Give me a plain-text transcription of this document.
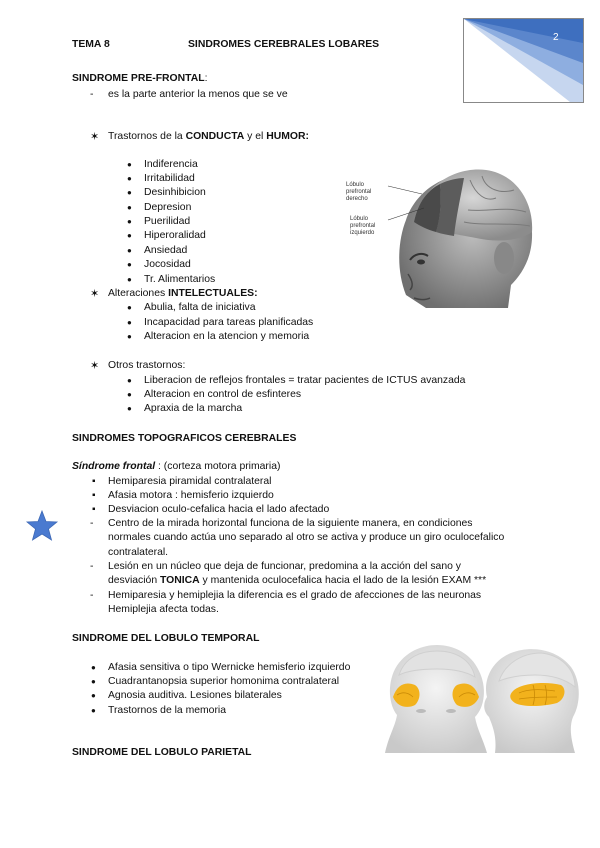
TEMA 8	SINDROMES CEREBRALES LOBARES
2
SINDROME PRE-FRONTAL:
- es la parte anterior la menos que se ve
✶ Trastornos de la CONDUCTA y el HUMOR:
● Indiferencia
● Irritabilidad
● Desinhibicion
● Depresion
● Puerilidad
● Hiperoralidad
● Ansiedad
● Jocosidad
● Tr. Alimentarios
✶ Alteraciones INTELECTUALES:
● Abulia, falta de iniciativa
● Incapacidad para tareas planificadas
● Alteracion en la atencion y memoria
✶ Otros trastornos:
● Liberacion de reflejos frontales = tratar pacientes de ICTUS avanzada
● Alteracion en control de esfinteres
● Apraxia de la marcha
Lóbulo
prefrontal
derecho
Lóbulo
prefrontal
izquierdo
SINDROMES TOPOGRAFICOS CEREBRALES
Síndrome frontal : (corteza motora primaria)
▪ Hemiparesia piramidal contralateral
▪ Afasia motora : hemisferio izquierdo
▪ Desviacion oculo-cefalica hacia el lado afectado
- Centro de la mirada horizontal funciona de la siguiente manera, en condiciones
normales cuando actúa uno separado al otro se activa y produce un giro oculocefalico
contralateral.
- Lesión en un núcleo que deja de funcionar, predomina a la acción del sano y
desviación TONICA y mantenida oculocefalica hacia el lado de la lesión EXAM ***
- Hemiparesia y hemiplejia la diferencia es el grado de afecciones de las neuronas
Hemiplejia afecta todas.
SINDROME DEL LOBULO TEMPORAL
● Afasia sensitiva o tipo Wernicke hemisferio izquierdo
● Cuadrantanopsia superior homonima contralateral
● Agnosia auditiva. Lesiones bilaterales
● Trastornos de la memoria
SINDROME DEL LOBULO PARIETAL
